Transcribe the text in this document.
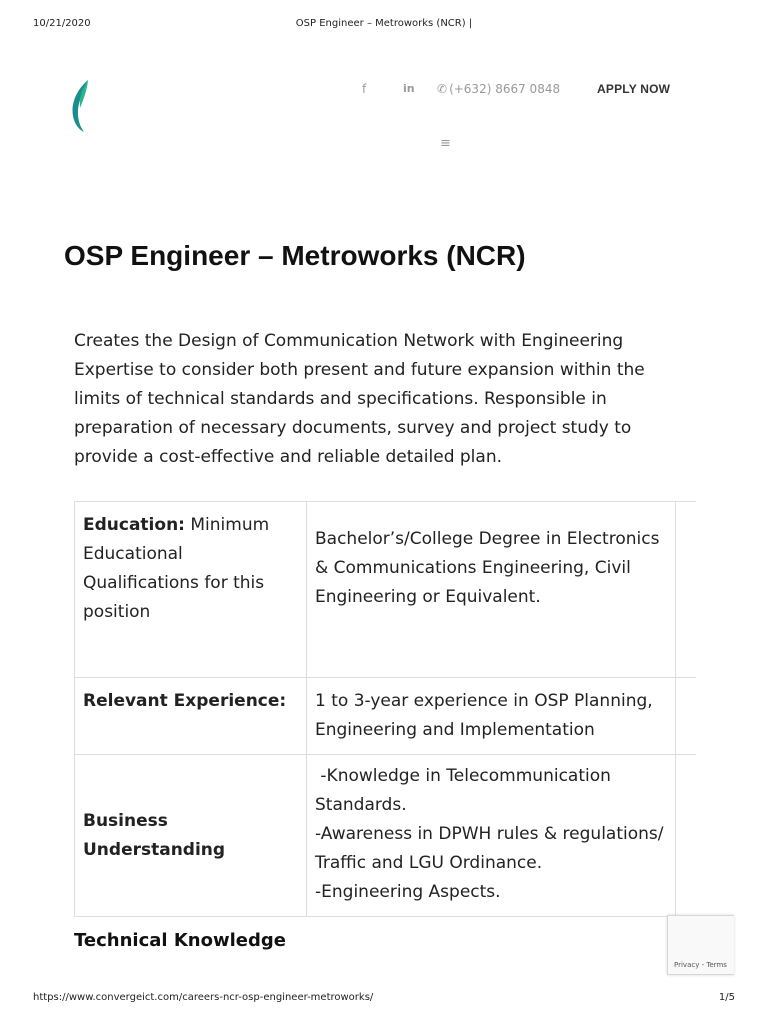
10/21/2020	OSP Engineer – Metroworks (NCR) |
f	in ✆ (+632) 8667 0848	APPLY NOW
≡
OSP Engineer – Metroworks (NCR)

Creates the Design of Communication Network with Engineering Expertise to consider both present and future expansion within the limits of technical standards and specifications. Responsible in preparation of necessary documents, survey and project study to provide a cost-effective and reliable detailed plan.

Education: Minimum Educational Qualifications for this position	Bachelor’s/College Degree in Electronics & Communications Engineering, Civil Engineering or Equivalent.	
Relevant Experience:	1 to 3-year experience in OSP Planning, Engineering and Implementation	
Business Understanding	-Knowledge in Telecommunication Standards.
-Awareness in DPWH rules & regulations/ Traffic and LGU Ordinance.
-Engineering Aspects.	

Technical Knowledge
Privacy - Terms
https://www.convergeict.com/careers-ncr-osp-engineer-metroworks/	1/5
